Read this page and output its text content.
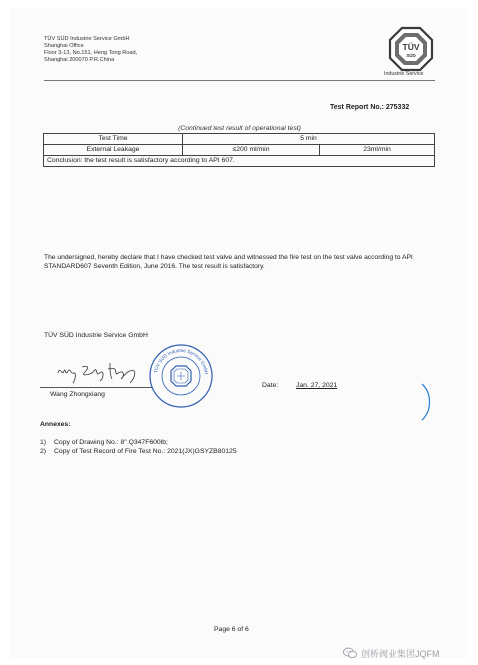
TÜV SÜD Industrie Service GmbH
Shanghai Office
Floor 3-13, No.151, Heng Tong Road,
Shanghai 200070 P.R.China
TÜV
SÜD
Industrie Service
Test Report No.: 275332
(Continued test result of operational test)
Test Time	5 min	
External Leakage	≤200 ml/min	23ml/min
Conclusion: the test result is satisfactory according to API 607.		
The undersigned, hereby declare that I have checked test valve and witnessed the fire test on the test valve according to API STANDARD607 Seventh Edition, June 2016. The test result is satisfactory.
TÜV SÜD Industrie Service GmbH
Wang Zhongxiang
TÜV SÜD Industrie Service GmbH
Date:	Jan. 27, 2021
Annexes:
1) Copy of Drawing No.: 8" Q347F600lb;
2) Copy of Test Record of Fire Test No.: 2021(JX)GSYZB80125
Page 6 of 6
创桥阀业集团JQFM
